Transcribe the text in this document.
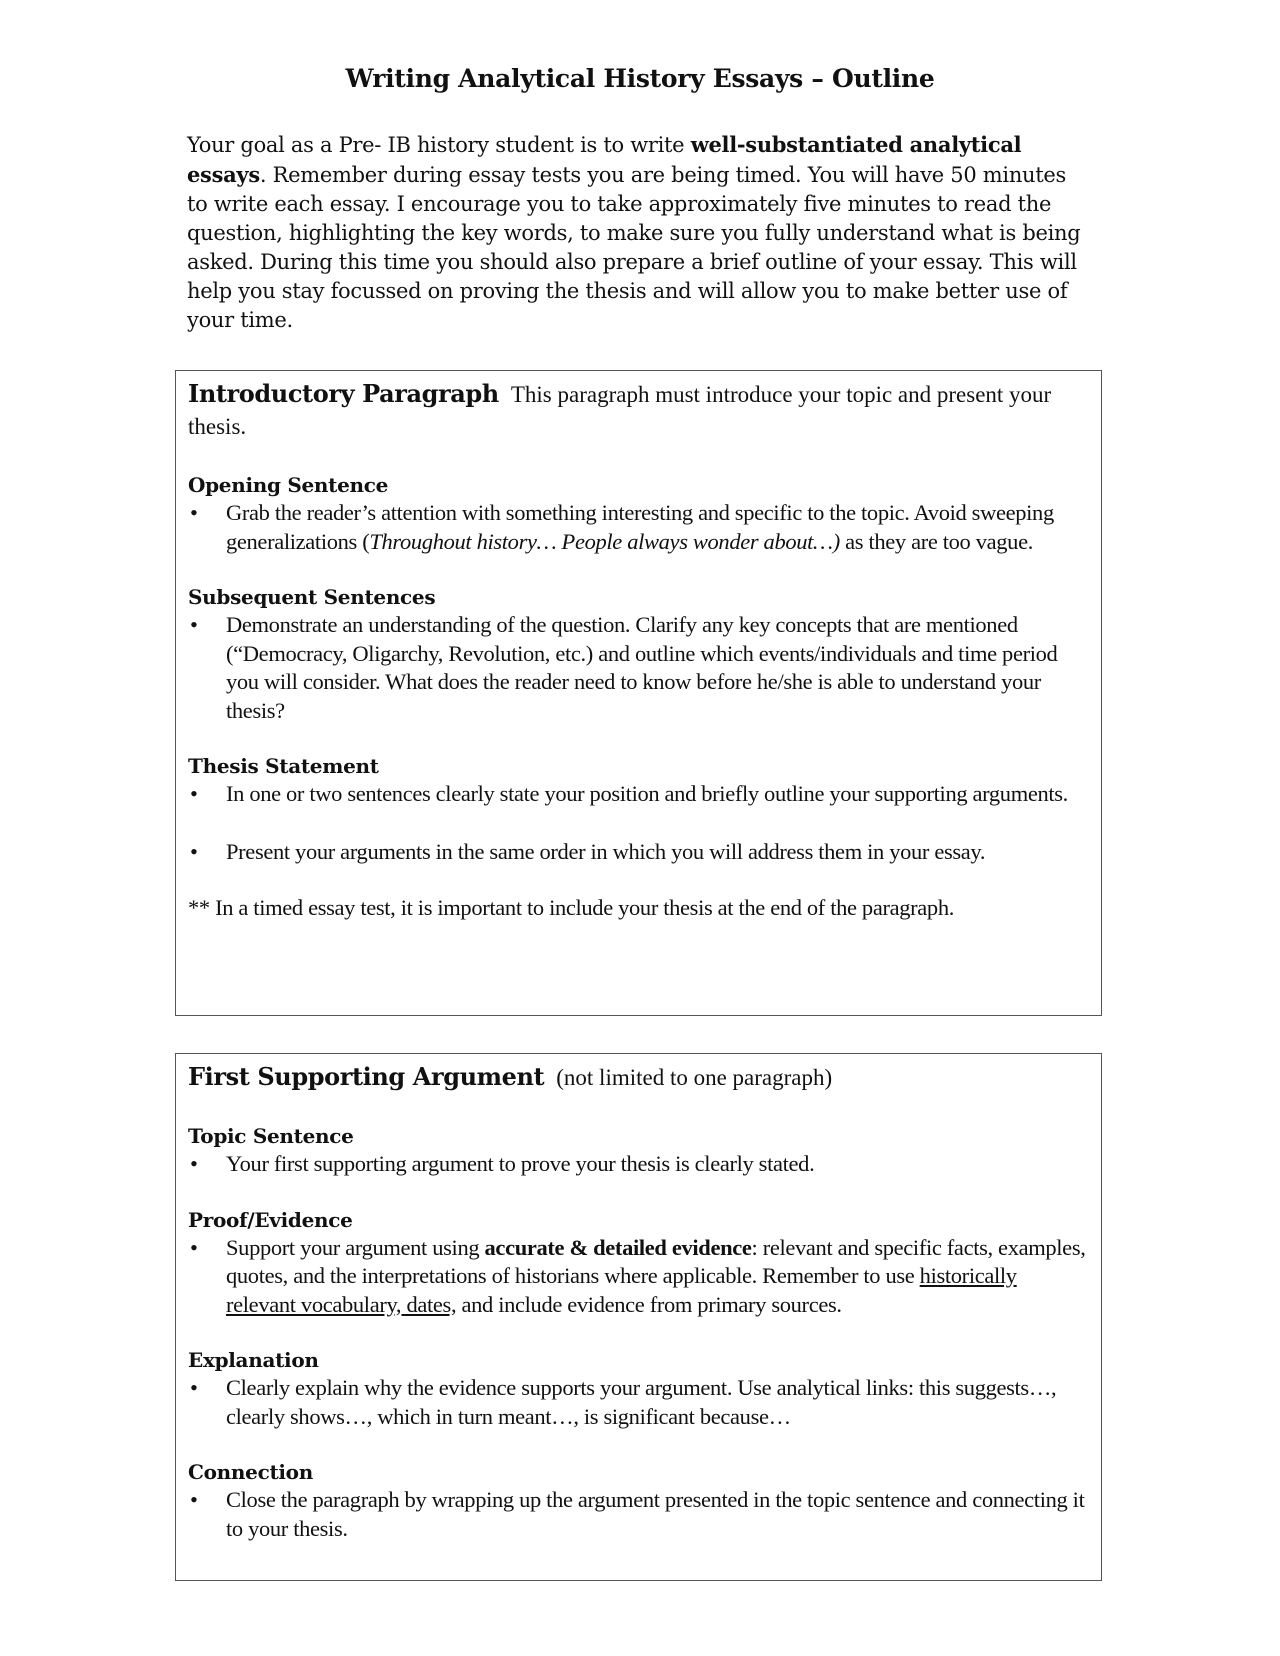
Writing Analytical History Essays – Outline
Your goal as a Pre- IB history student is to write well-substantiated analytical essays. Remember during essay tests you are being timed. You will have 50 minutes to write each essay. I encourage you to take approximately five minutes to read the question, highlighting the key words, to make sure you fully understand what is being asked. During this time you should also prepare a brief outline of your essay. This will help you stay focussed on proving the thesis and will allow you to make better use of your time.
Introductory Paragraph This paragraph must introduce your topic and present your thesis.
Opening Sentence
• Grab the reader’s attention with something interesting and specific to the topic. Avoid sweeping generalizations (Throughout history… People always wonder about…) as they are too vague.
Subsequent Sentences
• Demonstrate an understanding of the question. Clarify any key concepts that are mentioned (“Democracy, Oligarchy, Revolution, etc.) and outline which events/individuals and time period you will consider. What does the reader need to know before he/she is able to understand your thesis?
Thesis Statement
• In one or two sentences clearly state your position and briefly outline your supporting arguments.
• Present your arguments in the same order in which you will address them in your essay.
** In a timed essay test, it is important to include your thesis at the end of the paragraph.
First Supporting Argument (not limited to one paragraph)
Topic Sentence
• Your first supporting argument to prove your thesis is clearly stated.
Proof/Evidence
• Support your argument using accurate & detailed evidence: relevant and specific facts, examples, quotes, and the interpretations of historians where applicable. Remember to use historically relevant vocabulary, dates, and include evidence from primary sources.
Explanation
• Clearly explain why the evidence supports your argument. Use analytical links: this suggests…, clearly shows…, which in turn meant…, is significant because…
Connection
• Close the paragraph by wrapping up the argument presented in the topic sentence and connecting it to your thesis.
